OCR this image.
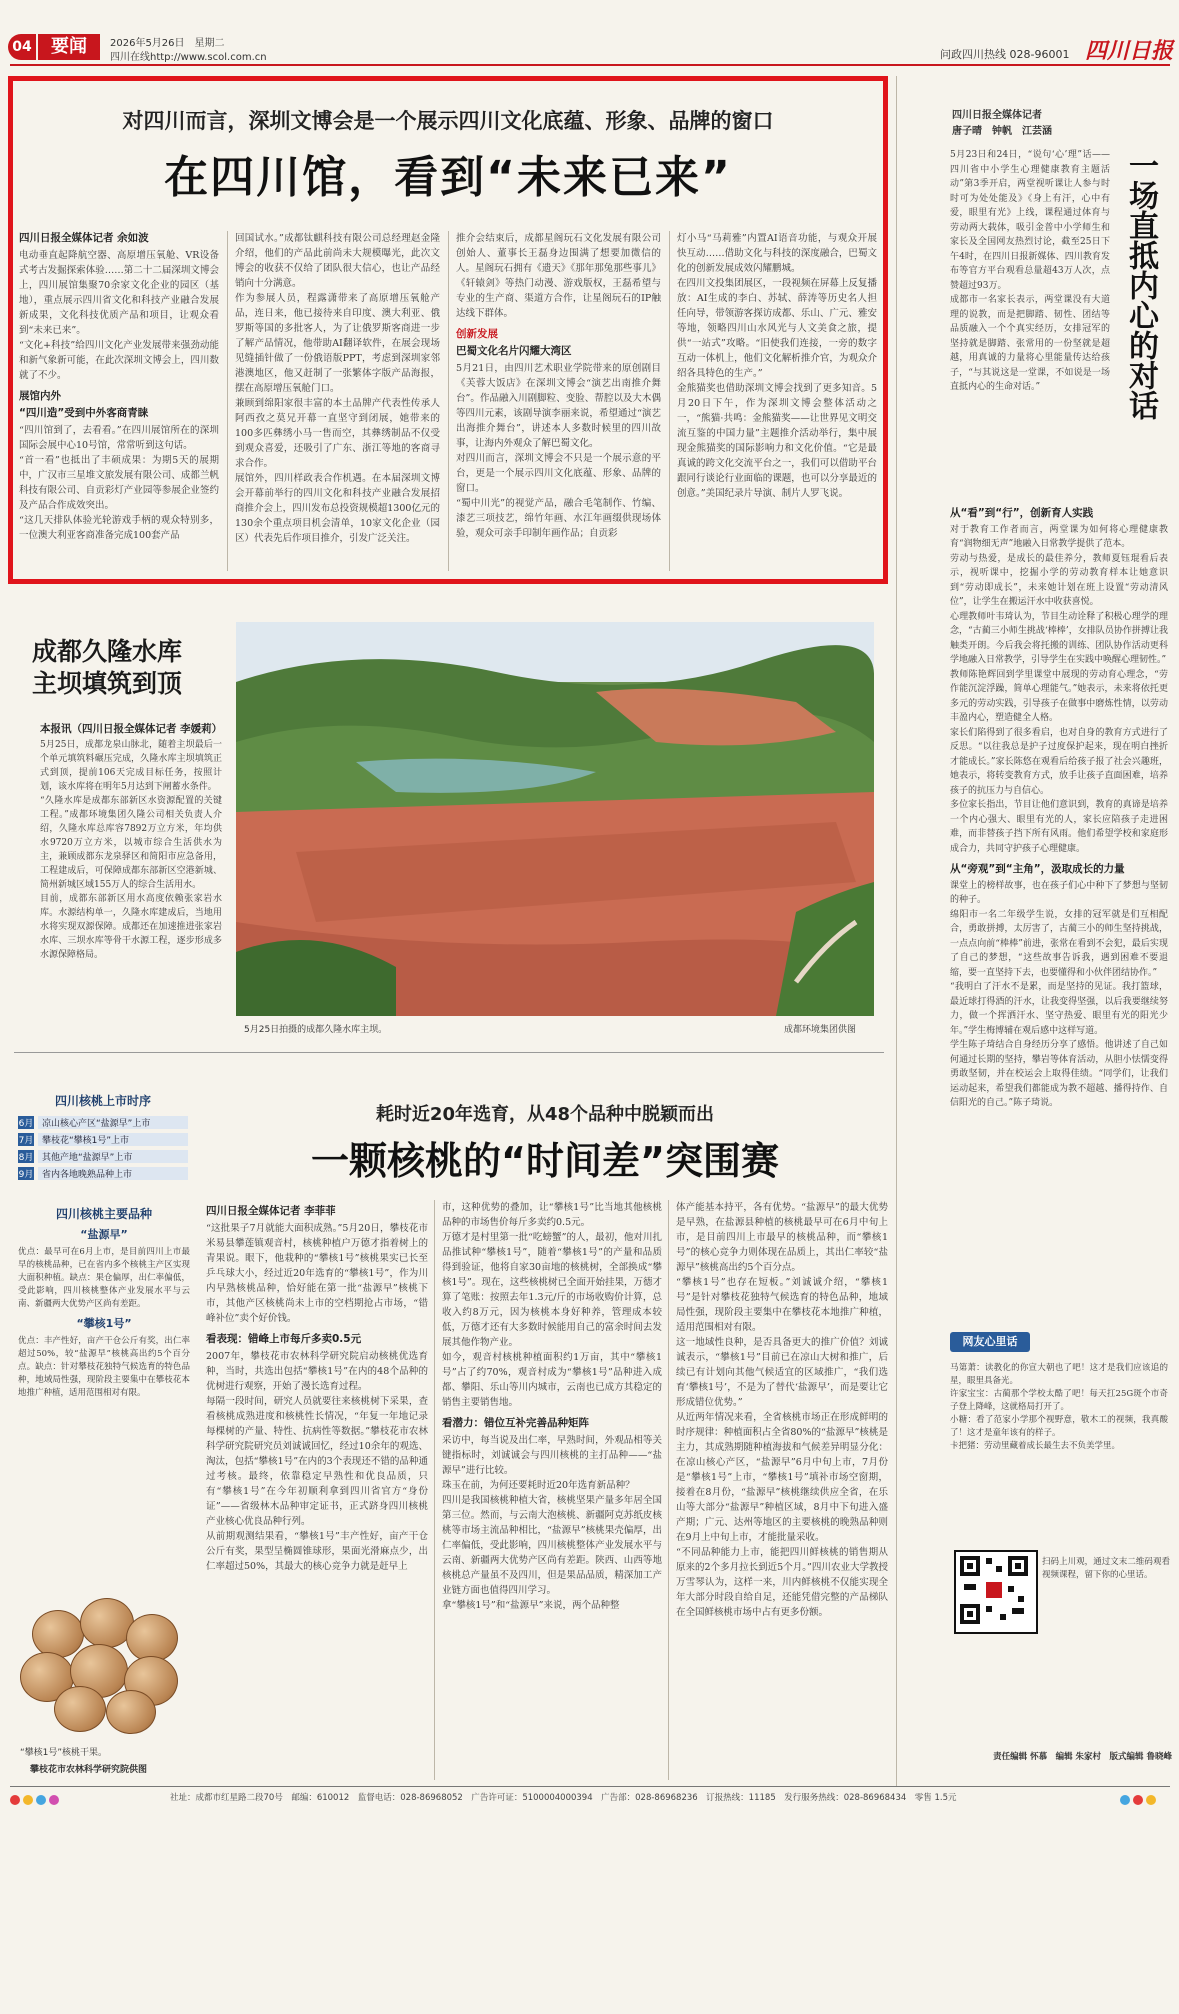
04	要闻	2026年5月26日　星期二
四川在线http://www.scol.com.cn	问政四川热线 028-96001 四川日报
对四川而言，深圳文博会是一个展示四川文化底蕴、形象、品牌的窗口
在四川馆，看到“未来已来”
四川日报全媒体记者 余如波
电动垂直起降航空器、高原增压氧舱、VR设备式考古发掘探索体验……第二十二届深圳文博会上，四川展馆集聚70余家文化企业的园区（基地），重点展示四川省文化和科技产业融合发展新成果，文化科技优质产品和项目，让观众看到“未来已来”。
“文化+科技”给四川文化产业发展带来强劲动能和新气象新可能，在此次深圳文博会上，四川数就了不少。
展馆内外
“四川造”受到中外客商青睐
“四川馆到了，去看看。”在四川展馆所在的深圳国际会展中心10号馆，常常听到这句话。
“首一看”也抵出了丰硕成果：为期5天的展期中，广汉市三星堆文旅发展有限公司、成都兰帆科技有限公司、自贡彩灯产业园等参展企业签约及产品合作成效突出。
“这几天排队体验光轮游戏手柄的观众特别多，一位澳大利亚客商准备完成100套产品
回国试水。”成都钛麒科技有限公司总经理赵金隆介绍，他们的产品此前尚未大规模曝光，此次文博会的收获不仅给了团队很大信心，也让产品经销向十分满意。
作为参展人员，程露潇带来了高原增压氧舱产品，连日来，他已接待来自印度、澳大利亚、俄罗斯等国的多批客人，为了让俄罗斯客商进一步了解产品情况，他带助AI翻译软件，在展会现场见缝插针做了一份俄语版PPT，考虑到深圳家邻港澳地区，他又赶制了一张繁体字版产品海报，摆在高原增压氧舱门口。
兼顾到绵阳家很丰富的本土品牌产代表性传承人阿西孜之莫兄开幕一直坚守到闭展，她带来的100多匹彝绣小马一售而空，其彝绣制品不仅受到观众喜爱，还吸引了广东、浙江等地的客商寻求合作。
展馆外，四川样政表合作机遇。在本届深圳文博会开幕前举行的四川文化和科技产业融合发展招商推介会上，四川发布总投资规模超1300亿元的130余个重点项目机会清单，10家文化企业（园区）代表先后作项目推介，引发广泛关注。
推介会结束后，成都星阁玩石文化发展有限公司创始人、董事长王磊身边围满了想要加微信的人。星阁玩石拥有《遗天》《那年那兔那些事儿》《轩辕剑》等热门动漫、游戏版权，王磊希望与专业的生产商、渠道方合作，让星阁玩石的IP触达线下群体。
创新发展
巴蜀文化名片闪耀大湾区
5月21日，由四川艺术职业学院带来的原创剧目《芙蓉大饭店》在深圳文博会“演艺出南推介舞台”。作品融入川剧脚粒、变脸、帮腔以及大木偶等四川元素，该剧导演李丽来说，希望通过“演艺出海推介舞台”，讲述本人多数时候里的四川故事，让海内外观众了解巴蜀文化。
对四川而言，深圳文博会不只是一个展示意的平台，更是一个展示四川文化底蕴、形象、品牌的窗口。
“蜀中川光”的视觉产品，融合毛笔制作、竹编、漆艺三项技艺，绵竹年画、水江年画缀供现场体验，观众可亲手印制年画作品；自贡彩
灯小马“马莉雅”内置AI语音功能，与观众开展快互动……借助文化与科技的深度融合，巴蜀文化的创新发展成效闪耀鹏城。
在四川文投集团展区，一段视频在屏幕上反复播放：AI生成的李白、苏轼、薛涛等历史名人担任向导，带领游客探访成都、乐山、广元、雅安等地，领略四川山水风光与人文美食之旅，提供“一站式”攻略。“旧使我们连接，一旁的数字互动一体机上，他们文化解析推介官，为观众介绍各具特色的生产。”
金熊猫奖也借助深圳文博会找到了更多知音。5月20日下午，作为深圳文博会整体活动之一，“熊猫·共鸣：金熊猫奖——让世界见文明交流互鉴的中国力量”主题推介活动举行，集中展现金熊猫奖的国际影响力和文化价值。“它是最真诚的跨文化交流平台之一，我们可以借助平台跟同行谈论行业面临的课题，也可以分享最近的创意。”美国纪录片导演、制片人罗飞说。
成都久隆水库
主坝填筑到顶
本报讯（四川日报全媒体记者 李媛莉）
5月25日，成都龙泉山脉北，随着主坝最后一个单元填筑料碾压完成，久隆水库主坝填筑正式到顶，提前106天完成目标任务，按照计划，该水库将在明年5月达到下闸蓄水条件。
“久隆水库是成都东部新区水资源配置的关键工程。”成都环境集团久隆公司相关负责人介绍，久隆水库总库容7892万立方米，年均供水9720万立方米，以城市综合生活供水为主，兼顾成都东龙泉驿区和简阳市应急备用，工程建成后，可保障成都东部新区空港新城、简州新城区域155万人的综合生活用水。
目前，成都东部新区用水高度依赖张家岩水库。水源结构单一，久隆水库建成后，当地用水将实现双源保障。成都还在加速推进张家岩水库、三坝水库等骨干水源工程，逐步形成多水源保障格局。
5月25日拍摄的成都久隆水库主坝。	成都环境集团供图
四川核桃上市时序
6月 凉山核心产区“盐源早”上市
7月 攀枝花“攀核1号”上市
8月 其他产地“盐源早”上市
9月 省内各地晚熟品种上市
四川核桃主要品种
“盐源早”
优点：最早可在6月上市，是目前四川上市最早的核桃品种，已在省内多个核桃主产区实现大面积种植。缺点：果仓偏厚，出仁率偏低，受此影响，四川核桃整体产业发展水平与云南、新疆两大优势产区尚有差距。
“攀核1号”
优点：丰产性好，亩产干仓公斤有奖，出仁率超过50%，较“盐源早”核桃高出约5个百分点。缺点：针对攀枝花独特气候选育的特色品种，地域局性强，现阶段主要集中在攀枝花本地推广种植，适用范围相对有限。
“攀核1号”核桃干果。
攀枝花市农林科学研究院供图
耗时近20年选育，从48个品种中脱颖而出
一颗核桃的“时间差”突围赛
四川日报全媒体记者 李菲菲
“这批果子7月就能大面积成熟。”5月20日，攀枝花市米易县攀莲镇观音村，核桃种植户万德才指着树上的青果说。眼下，他栽种的“攀核1号”核桃果实已长至乒乓球大小，经过近20年选育的“攀核1号”，作为川内早熟核桃品种，恰好能在第一批“盐源早”核桃下市，其他产区核桃尚未上市的空档期抢占市场，“错峰补位”卖个好价钱。
看表现：错峰上市每斤多卖0.5元
2007年，攀枝花市农林科学研究院启动核桃优选育种，当时，共选出包括“攀核1号”在内的48个品种的优树进行观察，开始了漫长选育过程。
每隔一段时间，研究人员就要往来核桃树下采果，查看核桃成熟进度和核桃性长情况，“年复一年地记录每棵树的产量、特性、抗病性等数据。”攀枝花市农林科学研究院研究员刘诚诚回忆，经过10余年的观选、淘汰，包括“攀核1号”在内的3个表现还不错的品种通过考核。最终，依靠稳定早熟性和优良品质，只有“攀核1号”在今年初顺利拿到四川省官方“身份证”——省级林木品种审定证书，正式跻身四川核桃产业核心优良品种行列。
从前期观测结果看，“攀核1号”丰产性好，亩产干仓公斤有奖，果型呈椭圆锥球形，果面光滑麻点少，出仁率超过50%，其最大的核心竞争力就是赶早上
市，这种优势的叠加，让“攀核1号”比当地其他核桃品种的市场售价每斤多卖约0.5元。
万德才是村里第一批“吃螃蟹”的人，最初，他对川扎品推试种“攀核1号”，随着“攀核1号”的产量和品质得到验证，他将自家30亩地的核桃树，全部换成“攀核1号”。现在，这些核桃树已全面开始挂果，万德才算了笔账：按照去年1.3元/斤的市场收购价计算，总收入约8万元，因为核桃本身好种养，管理成本较低，万德才还有大多数时候能用自己的富余时间去发展其他作物产业。
如今，观音村核桃种植面积约1万亩，其中“攀核1号”占了约70%，观音村成为“攀核1号”品种进入成都、攀阳、乐山等川内城市，云南也已成方其稳定的销售主要销售地。
看潜力：错位互补完善品种矩阵
采访中，每当说及出仁率，早熟时间，外观品相等关键指标时，刘诚诚会与四川核桃的主打品种——“盐源早”进行比较。
珠玉在前，为何还要耗时近20年选育新品种？
四川是我国核桃种植大省，核桃坚果产量多年居全国第三位。然而，与云南大泡核桃、新疆阿克苏纸皮核桃等市场主流品种相比，“盐源早”核桃果壳偏厚，出仁率偏低，受此影响，四川核桃整体产业发展水平与云南、新疆两大优势产区尚有差距。陕西、山西等地核桃总产量虽不及四川，但是果品品质，精深加工产业链方面也值得四川学习。
拿“攀核1号”和“盐源早”来说，两个品种整
体产能基本持平，各有优势。“盐源早”的最大优势是早熟，在盐源县种植的核桃最早可在6月中旬上市，是目前四川上市最早的核桃品种，而“攀核1号”的核心竞争力则体现在品质上，其出仁率较“盐源早”核桃高出约5个百分点。
“攀核1号”也存在短板。”刘诚诚介绍，“攀核1号”是针对攀枝花独特气候选育的特色品种，地域局性强，现阶段主要集中在攀枝花本地推广种植，适用范围相对有限。
这一地域性良种，是否具备更大的推广价值？刘诚诚表示，“攀核1号”目前已在凉山大树和推广，后续已有计划向其他气候适宜的区域推广，“我们选育‘攀核1号’，不是为了替代‘盐源早’，而是要让它形成错位优势。”
从近两年情况来看，全省核桃市场正在形成鲜明的时序规律：种植面积占全省80%的“盐源早”核桃是主力，其成熟期随种植海拔和气候差异明显分化：在凉山核心产区，“盐源早”6月中旬上市，7月份是“攀核1号”上市，“攀核1号”填补市场空窗期，接着在8月份，“盐源早”核桃继续供应全省，在乐山等大部分“盐源早”种植区域，8月中下旬进入盛产期；广元、达州等地区的主要核桃的晚熟品种则在9月上中旬上市，才能批量采收。
“不同品种能力上市，能把四川鲜核桃的销售期从原来的2个多月拉长到近5个月。”四川农业大学教授万雪琴认为，这样一来，川内鲜核桃不仅能实现全年大部分时段自给自足，还能凭借完整的产品梯队在全国鲜核桃市场中占有更多份额。
四川日报全媒体记者
唐子晴　钟帆　江芸涵
一场直抵内心的对话
5月23日和24日，“说句‘心’理”话——四川省中小学生心理健康教育主题活动”第3季开启，两堂视听课让人参与时时可为处处能及》《身上有汗，心中有爱，眼里有光》上线，课程通过体育与劳动两大载体，吸引金普中小学师生和家长及全国网友热烈讨论，截至25日下午4时，在四川日报新媒体、四川教育发布等官方平台观看总量超43万人次，点赞超过93万。
成都市一名家长表示，两堂课没有大道理的说教，而是把脚踏、韧性、团结等品质融入一个个真实经历，女排冠军的坚持就是脚踏、张常用的一份坚就是超越，用真诚的力量将心里能量传达给孩子，“与其说这是一堂课，不如说是一场直抵内心的生命对话。”
从“看”到“行”，创新育人实践
对于教育工作者而言，两堂课为如何将心理健康教育“润物细无声”地融入日常教学提供了范本。
劳动与热爱，是成长的最佳养分，教师夏钰琨看后表示，视听课中，挖掘小学的劳动教育样本让她意识到“劳动即成长”，未来她计划在班上设置“劳动清风位”，让学生在搬运汗水中收获喜悦。
心理教师叶韦琦认为，节目生动诠释了积极心理学的理念，“古蔺三小师生挑战‘棒棒’，女排队员协作拼搏让我触类开朗。今后我会将托搬的训练、团队协作活动更科学地融入日常教学，引导学生在实践中唤醒心理韧性。”
教师陈艳辉回到学里课堂中展现的劳动育心理念，“劳作能沉淀浮躁，简单心理能气。”她表示，未来将依托更多元的劳动实践，引导孩子在做事中磨炼性情，以劳动丰盈内心，塑造健全人格。
家长们陷得到了很多看启，也对自身的教育方式进行了反思。“以往我总是护子过度保护起来，现在明白挫折才能成长。”家长陈悠在观看后给孩子报了社会兴趣班，她表示，将转变教育方式，放手让孩子直面困难，培养孩子的抗压力与自信心。
多位家长指出，节目让他们意识到，教育的真谛是培养一个内心强大、眼里有光的人，家长应陪孩子走进困难，而非替孩子挡下所有风雨。他们希望学校和家庭形成合力，共同守护孩子心理健康。
从“旁观”到“主角”，汲取成长的力量
课堂上的榜样故事，也在孩子们心中种下了梦想与坚韧的种子。
绵阳市一名二年级学生说，女排的冠军就是们互相配合，勇敢拼搏，太厉害了，古蔺三小的师生坚持挑战，一点点向前“棒棒”前进，张常在看到不会犯，最后实现了自己的梦想，“这些故事告诉我，遇到困难不要退缩，要一直坚持下去，也要懂得和小伙伴团结协作。”
“我明白了汗水不是累，而是坚持的见证。我打篮球，最近球打得酒的汗水，让我变得坚强，以后我要继续努力，做一个挥洒汗水、坚守热爱、眼里有光的阳光少年。”学生梅博辅在观后感中这样写道。
学生陈子琦结合自身经历分享了感悟。他讲述了自己如何通过长期的坚持，攀岩等体育活动，从胆小怯懦变得勇敢坚韧，并在校运会上取得佳绩。“同学们，让我们运动起来，希望我们都能成为教不超越、播得持作、自信阳光的自己。”陈子琦说。
网友心里话
马第萧：读教化的你宣大朝也了吧！这才是我们应该追的星，眼里具备光。
许家宝宝：古蔺那个学校太酷了吧！每天扛25G斑个市奇子登上降峰，这就格局打开了。
小糖：看了范家小学那个视野意，敬木工的视频，我真酸了！这才是童年该有的样子。
卡把猪：劳动里藏着成长最生去不负美学里。
扫码上川观，通过文末二维码观看视频课程，留下你的心里话。
责任编辑 怀慕　编辑 朱家村　版式编辑 鲁晓峰
社址：成都市红星路二段70号　邮编：610012　监督电话：028-86968052　广告许可证：5100004000394　广告部：028-86968236　订报热线：11185　发行服务热线：028-86968434　零售 1.5元
